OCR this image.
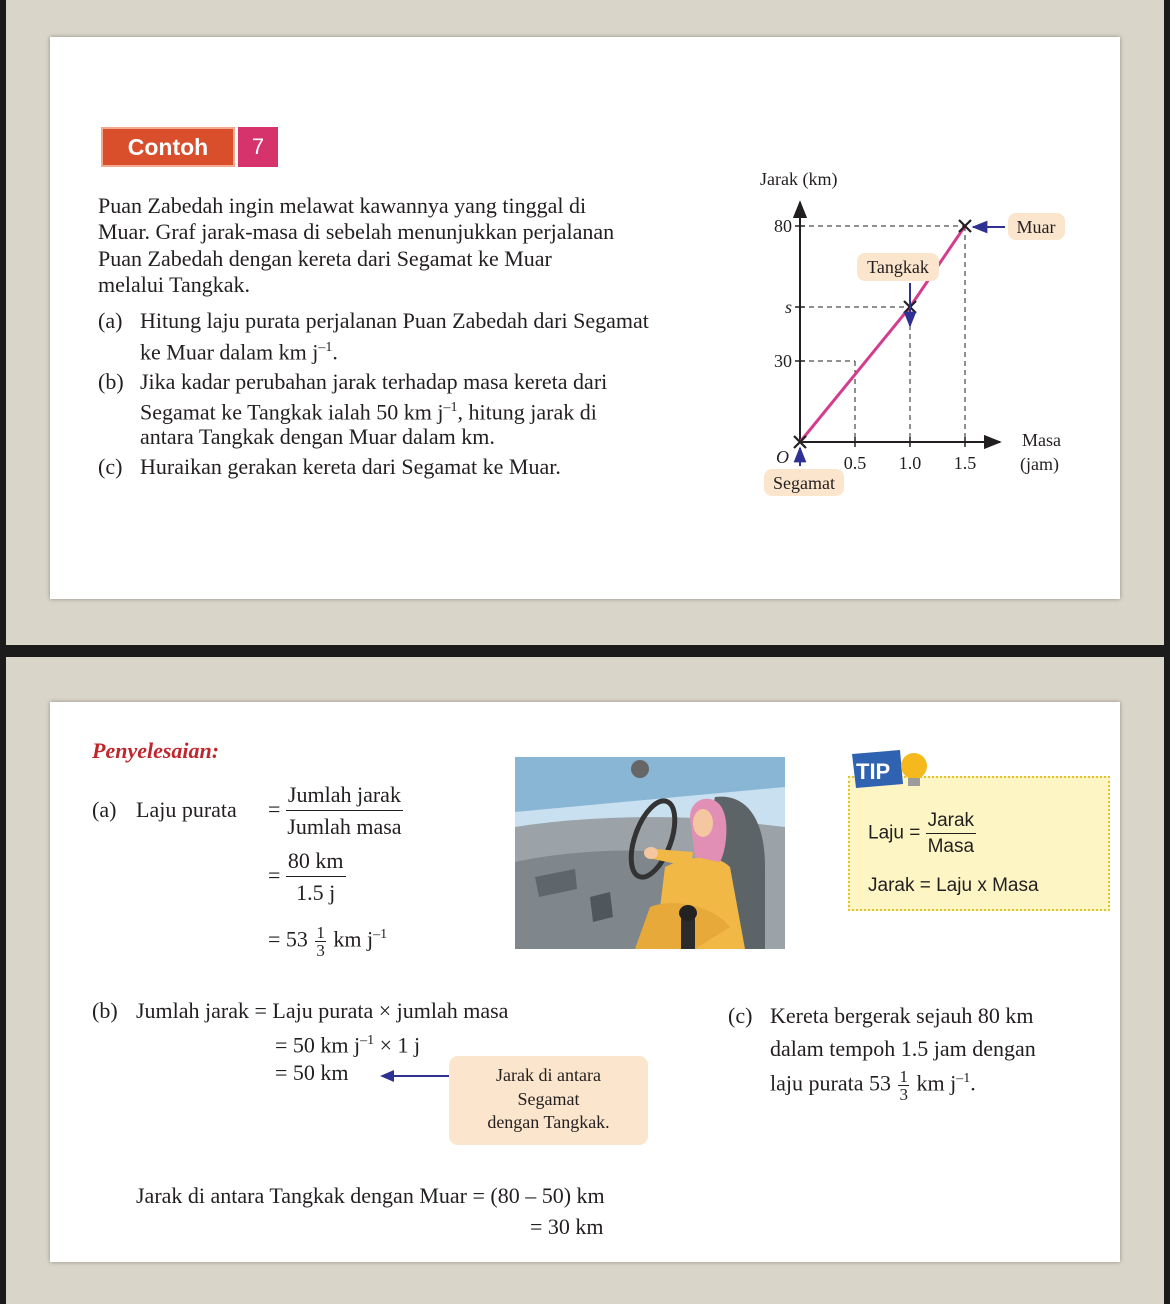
Contoh	7
Puan Zabedah ingin melawat kawannya yang tinggal di
Muar. Graf jarak-masa di sebelah menunjukkan perjalanan
Puan Zabedah dengan kereta dari Segamat ke Muar
melalui Tangkak.
(a) Hitung laju purata perjalanan Puan Zabedah dari Segamat
ke Muar dalam km $j^{-1}$.
(b) Jika kadar perubahan jarak terhadap masa kereta dari
Segamat ke Tangkak ialah 50 km $j^{-1}$, hitung jarak di
antara Tangkak dengan Muar dalam km.
(c) Huraikan gerakan kereta dari Segamat ke Muar.
Jarak (km)
Masa
(jam)
O	0.5 1.0 1.5
30
s
80
Segamat
Tangkak
Muar
Penyelesaian:
(a) Laju purata = $\frac{\text{Jumlah jarak}}{\text{Jumlah masa}}$
= $\frac{80 km}{1.5 j}$
= $53 \frac{1}{3}$ km $j^{-1}$
TIP
Laju = $\frac{\text{Jarak}}{\text{Masa}}$
Jarak = Laju x Masa
(b) Jumlah jarak = Laju purata × jumlah masa
= 50 km $j^{-1} \times 1$ j
= 50 km	Jarak di antara
Segamat
dengan Tangkak.
Jarak di antara Tangkak dengan Muar = (80 – 50) km
= 30 km
(c) Kereta bergerak sejauh 80 km
dalam tempoh 1.5 jam dengan
laju purata $53 \frac{1}{3}$ km $j^{-1}$.
